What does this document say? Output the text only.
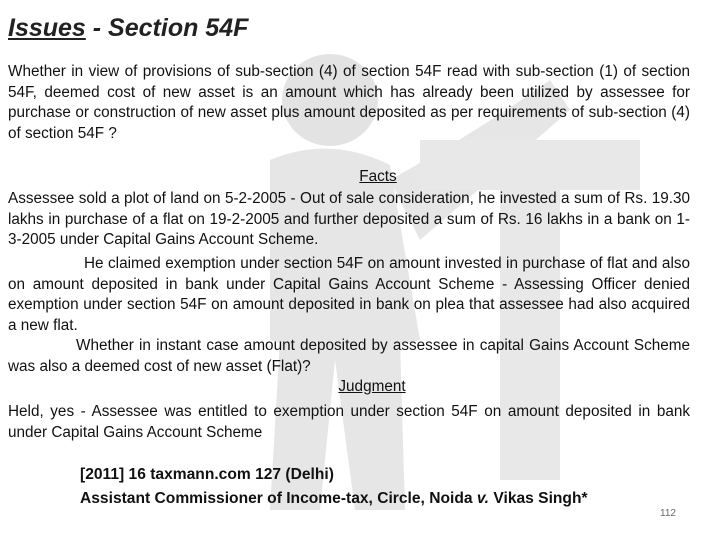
Issues - Section 54F
Whether in view of provisions of sub-section (4) of section 54F read with sub-section (1) of section 54F, deemed cost of new asset is an amount which has already been utilized by assessee for purchase or construction of new asset plus amount deposited as per requirements of sub-section (4) of section 54F ?
Facts
Assessee sold a plot of land on 5-2-2005 - Out of sale consideration, he invested a sum of Rs. 19.30 lakhs in purchase of a flat on 19-2-2005 and further deposited a sum of Rs. 16 lakhs in a bank on 1-3-2005 under Capital Gains Account Scheme.
He claimed exemption under section 54F on amount invested in purchase of flat and also on amount deposited in bank under Capital Gains Account Scheme - Assessing Officer denied exemption under section 54F on amount deposited in bank on plea that assessee had also acquired a new flat.
Whether in instant case amount deposited by assessee in capital Gains Account Scheme was also a deemed cost of new asset (Flat)?
Judgment
Held, yes - Assessee was entitled to exemption under section 54F on amount deposited in bank under Capital Gains Account Scheme
[2011] 16 taxmann.com 127 (Delhi)
Assistant Commissioner of Income-tax, Circle, Noida v. Vikas Singh*
112
